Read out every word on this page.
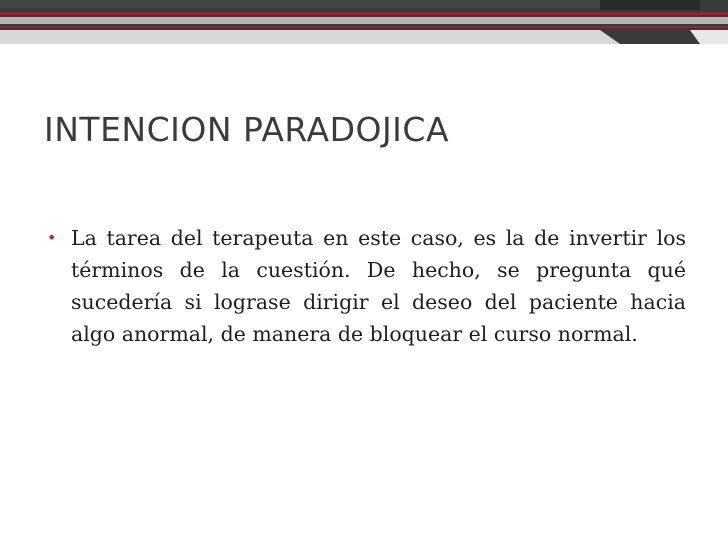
INTENCION PARADOJICA
• La tarea del terapeuta en este caso, es la de invertir los términos de la cuestión. De hecho, se pregunta qué sucedería si lograse dirigir el deseo del paciente hacia algo anormal, de manera de bloquear el curso normal.
